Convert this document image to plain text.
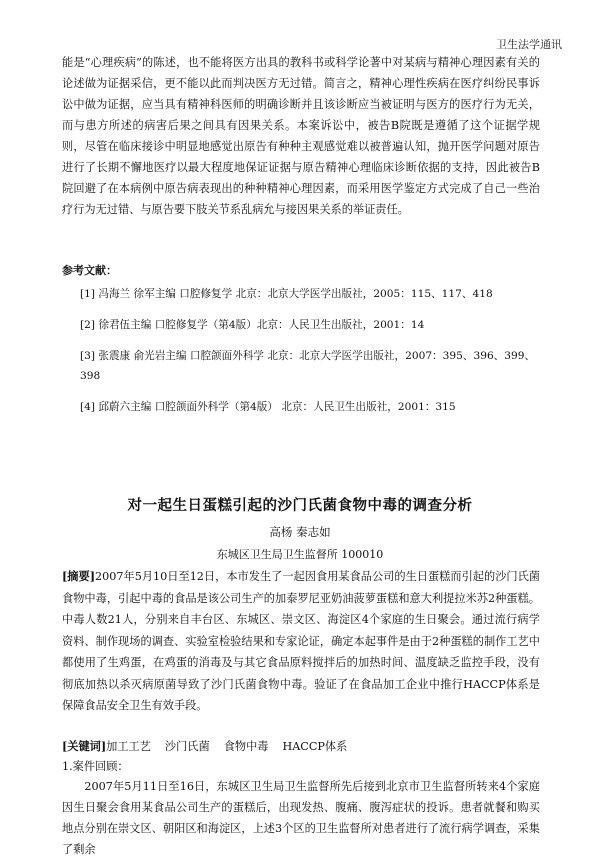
卫生法学通讯

能是“心理疾病”的陈述，也不能将医方出具的教科书或科学论著中对某病与精神心理因素有关的论述做为证据采信，更不能以此而判决医方无过错。简言之，精神心理性疾病在医疗纠纷民事诉讼中做为证据，应当具有精神科医师的明确诊断并且该诊断应当被证明与医方的医疗行为无关，而与患方所述的病害后果之间具有因果关系。本案诉讼中，被告B院既是遵循了这个证据学规则，尽管在临床接诊中明显地感觉出原告有种种主观感觉难以被普遍认知，抛开医学问题对原告进行了长期不懈地医疗以最大程度地保证证据与原告精神心理临床诊断依据的支持，因此被告B院回避了在本病例中原告病表现出的种种精神心理因素，而采用医学鉴定方式完成了自己一些治疗行为无过错、与原告要下肢关节系乱病允与接因果关系的举证责任。

参考文献：
[1] 冯海兰 徐军主编 口腔修复学 北京：北京大学医学出版社，2005：115、117、418
[2] 徐君伍主编 口腔修复学（第4版）北京：人民卫生出版社，2001：14
[3] 张震康 俞光岩主编 口腔颌面外科学 北京：北京大学医学出版社，2007：395、396、399、398
[4] 邱蔚六主编 口腔颌面外科学（第4版） 北京：人民卫生出版社，2001：315
对一起生日蛋糕引起的沙门氏菌食物中毒的调查分析
高杨 秦志如
东城区卫生局卫生监督所 100010
[摘要]2007年5月10日至12日，本市发生了一起因食用某食品公司的生日蛋糕而引起的沙门氏菌食物中毒，引起中毒的食品是该公司生产的加泰罗尼亚奶油菠萝蛋糕和意大利提拉米苏2种蛋糕。中毒人数21人，分别来自丰台区、东城区、崇文区、海淀区4个家庭的生日聚会。通过流行病学资料、制作现场的调查、实验室检验结果和专家论证，确定本起事件是由于2种蛋糕的制作工艺中都使用了生鸡蛋，在鸡蛋的消毒及与其它食品原料搅拌后的加热时间、温度缺乏监控手段，没有彻底加热以杀灭病原菌导致了沙门氏菌食物中毒。验证了在食品加工企业中推行HACCP体系是保障食品安全卫生有效手段。
[关键词]加工工艺 沙门氏菌 食物中毒 HACCP体系
1.案件回顾：
2007年5月11日至16日，东城区卫生局卫生监督所先后接到北京市卫生监督所转来4个家庭因生日聚会食用某食品公司生产的蛋糕后，出现发热、腹痛、腹泻症状的投诉。患者就餐和购买地点分别在崇文区、朝阳区和海淀区，上述3个区的卫生监督所对患者进行了流行病学调查，采集了剩余
